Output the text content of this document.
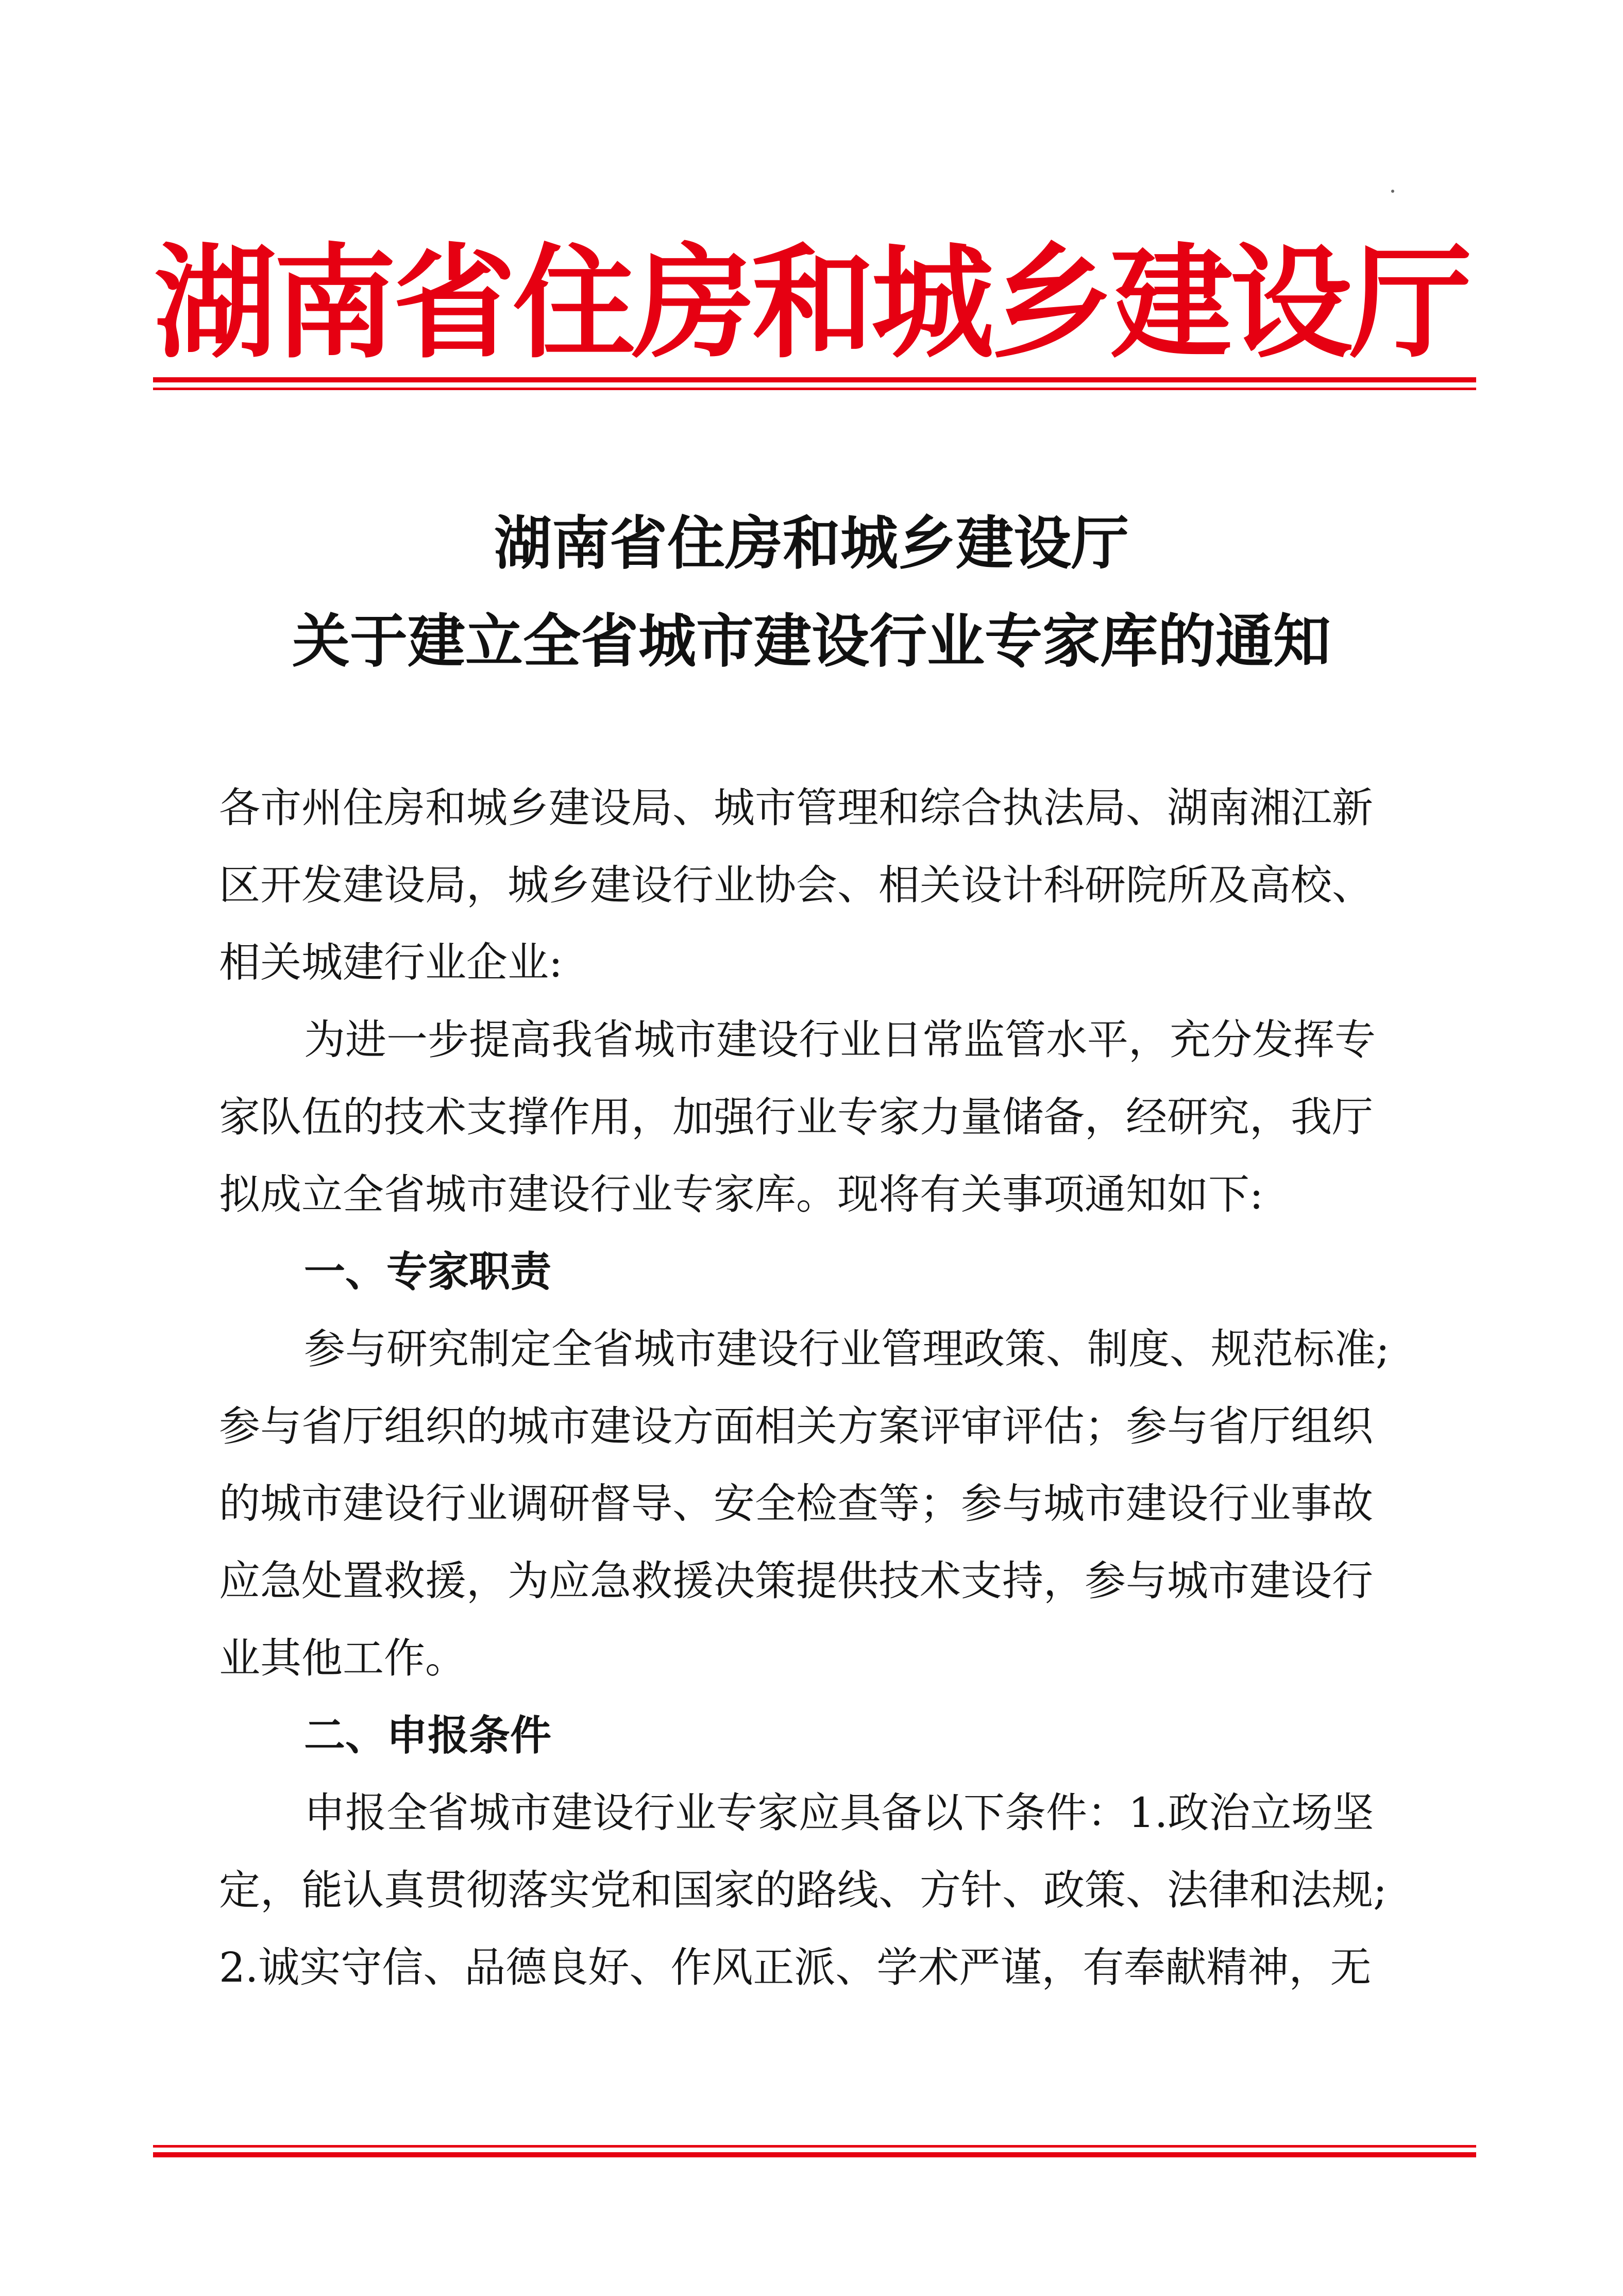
湖南省住房和城乡建设厅
湖南省住房和城乡建设厅
关于建立全省城市建设行业专家库的通知
各市州住房和城乡建设局、城市管理和综合执法局、湖南湘江新
区开发建设局，城乡建设行业协会、相关设计科研院所及高校、
相关城建行业企业:
为进一步提高我省城市建设行业日常监管水平，充分发挥专
家队伍的技术支撑作用，加强行业专家力量储备，经研究，我厅
拟成立全省城市建设行业专家库。现将有关事项通知如下:
一、专家职责
参与研究制定全省城市建设行业管理政策、制度、规范标准;
参与省厅组织的城市建设方面相关方案评审评估；参与省厅组织
的城市建设行业调研督导、安全检查等；参与城市建设行业事故
应急处置救援，为应急救援决策提供技术支持，参与城市建设行
业其他工作。
二、申报条件
申报全省城市建设行业专家应具备以下条件：1.政治立场坚
定，能认真贯彻落实党和国家的路线、方针、政策、法律和法规;
2.诚实守信、品德良好、作风正派、学术严谨，有奉献精神，无
